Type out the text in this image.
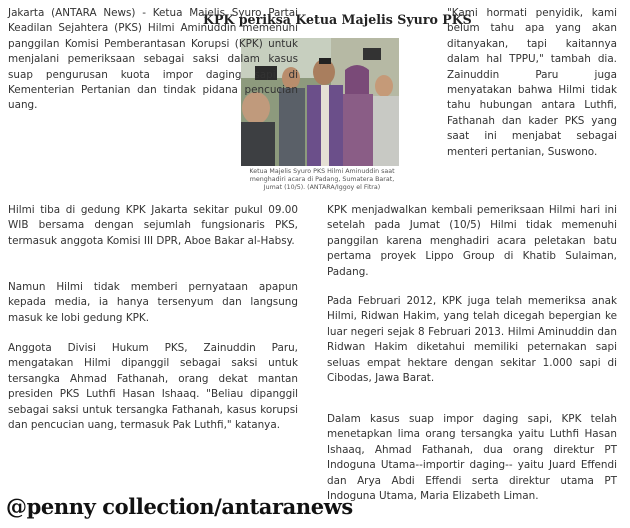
KPK periksa Ketua Majelis Syuro PKS
Ketua Majelis Syuro PKS Hilmi Aminuddin saat menghadiri acara di Padang, Sumatera Barat, Jumat (10/5). (ANTARA/Iggoy el Fitra)

Jakarta (ANTARA News) - Ketua Majelis Syuro Partai Keadilan Sejahtera (PKS) Hilmi Aminuddin memenuhi panggilan Komisi Pemberantasan Korupsi (KPK) untuk menjalani pemeriksaan sebagai saksi dalam kasus suap pengurusan kuota impor daging sapi di Kementerian Pertanian dan tindak pidana pencucian uang.

"Kami hormati penyidik, kami belum tahu apa yang akan ditanyakan, tapi kaitannya dalam hal TPPU," tambah dia. Zainuddin Paru juga menyatakan bahwa Hilmi tidak tahu hubungan antara Luthfi, Fathanah dan kader PKS yang saat ini menjabat sebagai menteri pertanian, Suswono.

Hilmi tiba di gedung KPK Jakarta sekitar pukul 09.00 WIB bersama dengan sejumlah fungsionaris PKS, termasuk anggota Komisi III DPR, Aboe Bakar al-Habsy.

KPK menjadwalkan kembali pemeriksaan Hilmi hari ini setelah pada Jumat (10/5) Hilmi tidak memenuhi panggilan karena menghadiri acara peletakan batu pertama proyek Lippo Group di Khatib Sulaiman, Padang.

Namun Hilmi tidak memberi pernyataan apapun kepada media, ia hanya tersenyum dan langsung masuk ke lobi gedung KPK.

Pada Februari 2012, KPK juga telah memeriksa anak Hilmi, Ridwan Hakim, yang telah dicegah bepergian ke luar negeri sejak 8 Februari 2013. Hilmi Aminuddin dan Ridwan Hakim diketahui memiliki peternakan sapi seluas empat hektare dengan sekitar 1.000 sapi di Cibodas, Jawa Barat.

Anggota Divisi Hukum PKS, Zainuddin Paru, mengatakan Hilmi dipanggil sebagai saksi untuk tersangka Ahmad Fathanah, orang dekat mantan presiden PKS Luthfi Hasan Ishaaq. "Beliau dipanggil sebagai saksi untuk tersangka Fathanah, kasus korupsi dan pencucian uang, termasuk Pak Luthfi," katanya.

Dalam kasus suap impor daging sapi, KPK telah menetapkan lima orang tersangka yaitu Luthfi Hasan Ishaaq, Ahmad Fathanah, dua orang direktur PT Indoguna Utama--importir daging-- yaitu Juard Effendi dan Arya Abdi Effendi serta direktur utama PT Indoguna Utama, Maria Elizabeth Liman.

@penny collection/antaranews
